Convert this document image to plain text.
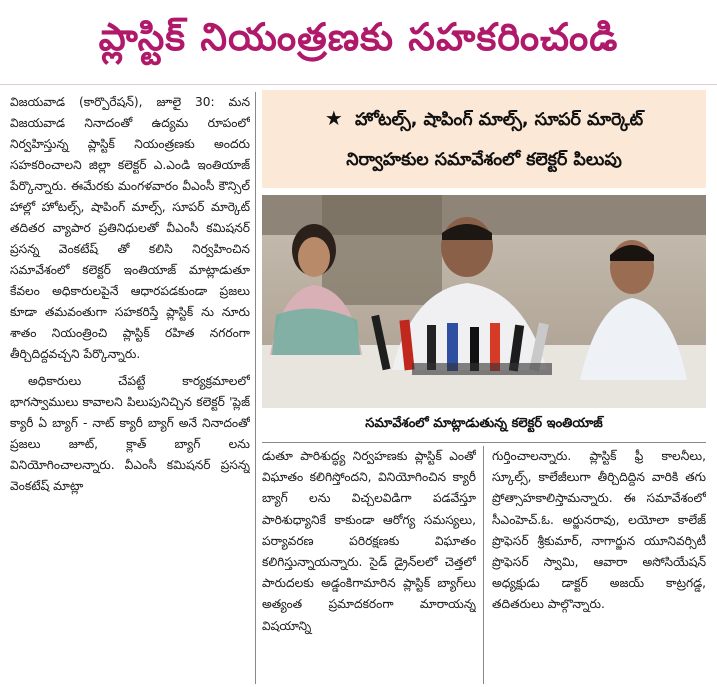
ప్లాస్టిక్ నియంత్రణకు సహకరించండి

విజయవాడ (కార్పొరేషన్), జూలై 30: మన విజయవాడ నినాదంతో ఉద్యమ రూపంలో నిర్వహిస్తున్న ప్లాస్టిక్ నియంత్రణకు అందరు సహకరించాలని జిల్లా కలెక్టర్ ఎ.ఎండి ఇంతియాజ్ పేర్కొన్నారు. ఈమేరకు మంగళవారం వీఎంసీ కౌన్సిల్ హాల్లో హోటల్స్, షాపింగ్ మాల్స్, సూపర్ మార్కెట్ తదితర వ్యాపార ప్రతినిధులతో వీఎంసీ కమిషనర్ ప్రసన్న వెంకటేష్ తో కలిసి నిర్వహించిన సమావేశంలో కలెక్టర్ ఇంతియాజ్ మాట్లాడుతూ కేవలం అధికారులపైనే ఆధారపడకుండా ప్రజలు కూడా తమవంతుగా సహకరిస్తే ప్లాస్టిక్ ను నూరు శాతం నియంత్రించి ప్లాస్టిక్ రహిత నగరంగా తీర్చిదిద్దవచ్చని పేర్కొన్నారు.

అధికారులు చేపట్టే కార్యక్రమాలలో భాగస్వాములు కావాలని పిలుపునిచ్చిన కలెక్టర్ 'ప్లెజ్ క్యారీ ఏ బ్యాగ్ - నాట్ క్యారీ బ్యాగ్ అనే నినాదంతో ప్రజలు జూట్, క్లాత్ బ్యాగ్ లను వినియోగించాలన్నారు. వీఎంసీ కమిషనర్ ప్రసన్న వెంకటేష్ మాట్లా

★ హోటల్స్, షాపింగ్ మాల్స్, సూపర్ మార్కెట్
నిర్వాహకుల సమావేశంలో కలెక్టర్ పిలుపు
సమావేశంలో మాట్లాడుతున్న కలెక్టర్ ఇంతియాజ్

డుతూ పారిశుద్ధ్య నిర్వహణకు ప్లాస్టిక్ ఎంతో విఘాతం కలిగిస్తోందని, వినియోగించిన క్యారీ బ్యాగ్ లను విచ్చలవిడిగా పడవేస్తూ పారిశుధ్యానికే కాకుండా ఆరోగ్య సమస్యలు, పర్యావరణ పరిరక్షణకు విఘాతం కలిగిస్తున్నాయన్నారు. సైడ్ డ్రైన్‌లలో చెత్తలో పారుదలకు అడ్డంకిగామారిన ప్లాస్టిక్ బ్యాగ్‌లు అత్యంత ప్రమాదకరంగా మారాయన్న విషయాన్ని

గుర్తించాలన్నారు. ప్లాస్టిక్ ఫ్రీ కాలనీలు, స్కూల్స్, కాలేజీలుగా తీర్చిదిద్దిన వారికి తగు ప్రోత్సాహకాలిస్తామన్నారు. ఈ సమావేశంలో సీఎంహెచ్.ఓ. అర్జునరావు, లయోలా కాలేజ్ ప్రొఫెసర్ శ్రీకుమార్, నాగార్జున యూనివర్సిటీ ప్రొఫెసర్ స్వామి, ఆవారా అసోసియేషన్ అధ్యక్షుడు డాక్టర్ అజయ్ కాట్రగడ్డ, తదితరులు పాల్గొన్నారు.
